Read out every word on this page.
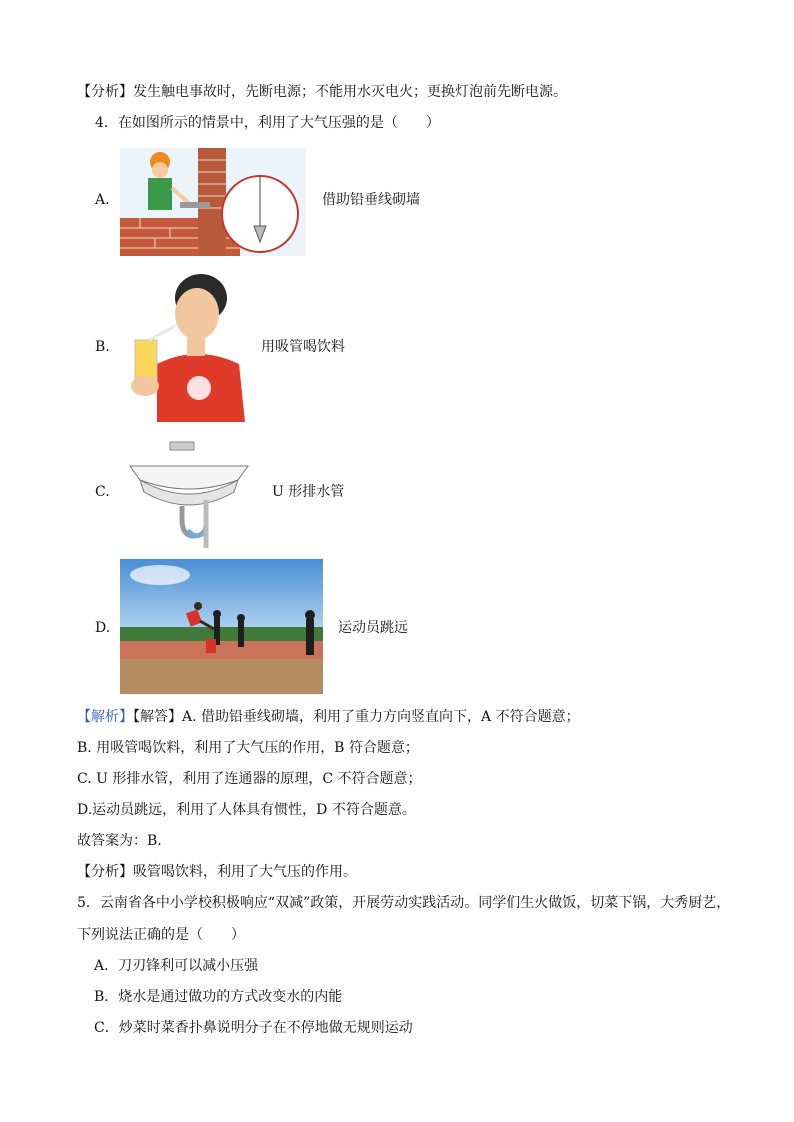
【分析】发生触电事故时，先断电源；不能用水灭电火；更换灯泡前先断电源。
4．在如图所示的情景中，利用了大气压强的是（　　）
A.	借助铅垂线砌墙
B.	用吸管喝饮料
C.	U 形排水管
D.	运动员跳远
【解析】【解答】A. 借助铅垂线砌墙，利用了重力方向竖直向下，A 不符合题意；
B. 用吸管喝饮料，利用了大气压的作用，B 符合题意；
C. U 形排水管，利用了连通器的原理，C 不符合题意；
D.运动员跳远，利用了人体具有惯性，D 不符合题意。
故答案为：B.
【分析】吸管喝饮料，利用了大气压的作用。
5．云南省各中小学校积极响应“双减”政策，开展劳动实践活动。同学们生火做饭，切菜下锅，大秀厨艺，
下列说法正确的是（　　）
A．刀刃锋利可以减小压强
B．烧水是通过做功的方式改变水的内能
C．炒菜时菜香扑鼻说明分子在不停地做无规则运动
